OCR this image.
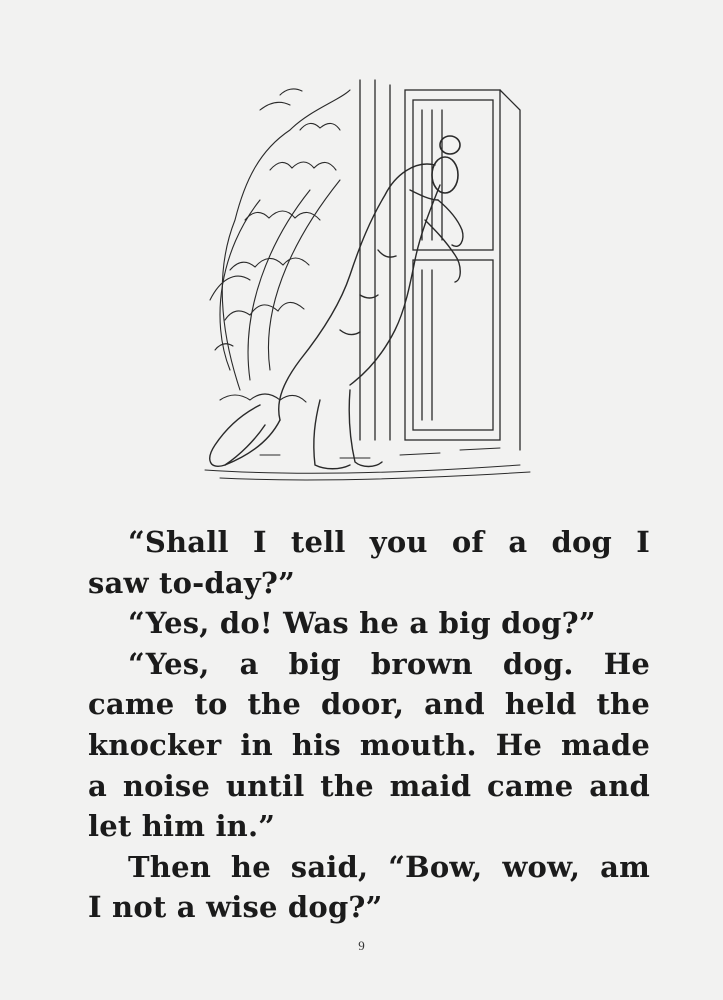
“Shall I tell you of a dog I
saw to-day?”

“Yes, do! Was he a big dog?”

“Yes, a big brown dog. He
came to the door, and held the
knocker in his mouth. He made
a noise until the maid came and
let him in.”

Then he said, “Bow, wow, am
I not a wise dog?”

9
